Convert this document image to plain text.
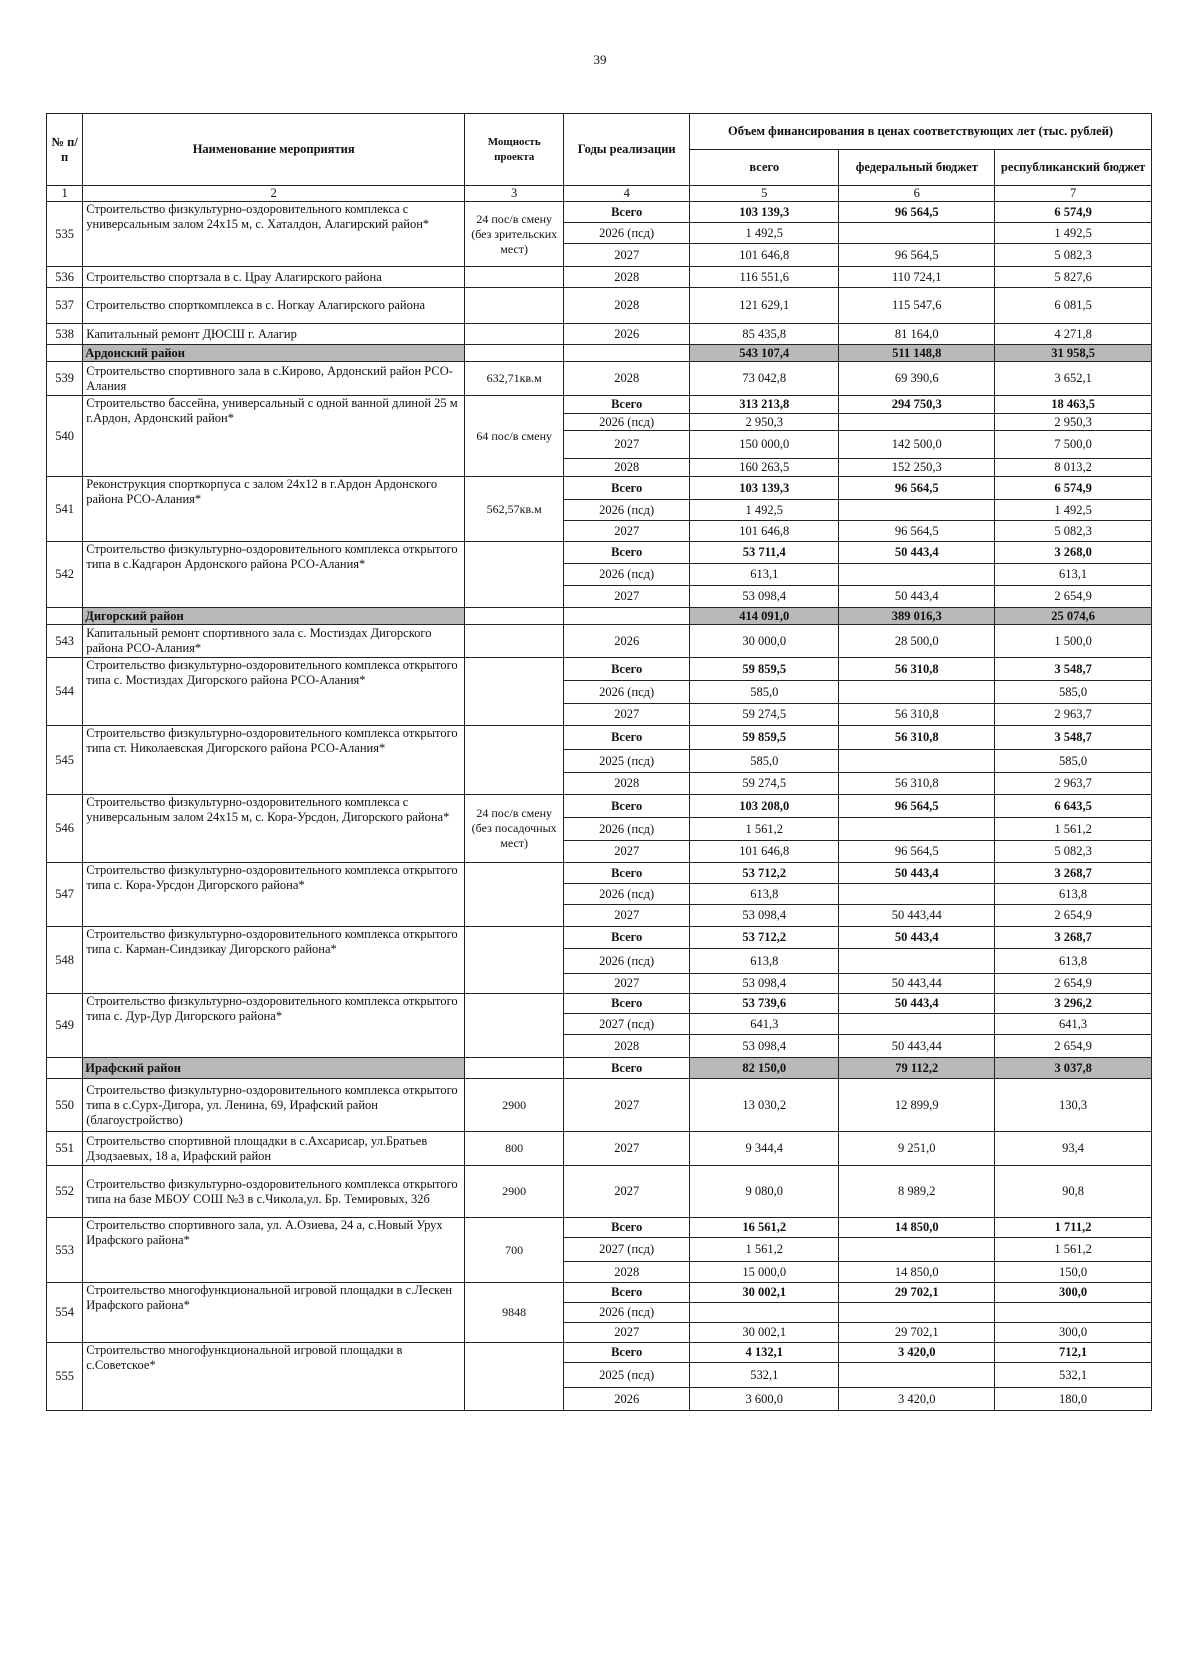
39
№ п/п	Наименование мероприятия	Мощность проекта	Годы реализации	Объем финансирования в ценах соответствующих лет (тыс. рублей)		
				всего	федеральный бюджет	республиканский бюджет
1	2	3	4	5	6	7
535	Строительство физкультурно-оздоровительного комплекса с универсальным залом 24х15 м, с. Хаталдон, Алагирский район*	24 пос/в смену (без зрительских мест)	Всего	103 139,3	96 564,5	6 574,9
			2026 (псд)	1 492,5		1 492,5
			2027	101 646,8	96 564,5	5 082,3
536	Строительство спортзала в с. Црау Алагирского района		2028	116 551,6	110 724,1	5 827,6
537	Строительство спорткомплекса в с. Ногкау Алагирского района		2028	121 629,1	115 547,6	6 081,5
538	Капитальный ремонт ДЮСШ г. Алагир		2026	85 435,8	81 164,0	4 271,8
	Ардонский район			543 107,4	511 148,8	31 958,5
539	Строительство спортивного зала в с.Кирово, Ардонский район РСО-Алания	632,71кв.м	2028	73 042,8	69 390,6	3 652,1
540	Строительство бассейна, универсальный с одной ванной длиной 25 м г.Ардон, Ардонский район*	64 пос/в смену	Всего	313 213,8	294 750,3	18 463,5
			2026 (псд)	2 950,3		2 950,3
			2027	150 000,0	142 500,0	7 500,0
			2028	160 263,5	152 250,3	8 013,2
541	Реконструкция спорткорпуса с залом 24х12 в г.Ардон Ардонского района РСО-Алания*	562,57кв.м	Всего	103 139,3	96 564,5	6 574,9
			2026 (псд)	1 492,5		1 492,5
			2027	101 646,8	96 564,5	5 082,3
542	Строительство физкультурно-оздоровительного комплекса открытого типа в с.Кадгарон Ардонского района РСО-Алания*		Всего	53 711,4	50 443,4	3 268,0
			2026 (псд)	613,1		613,1
			2027	53 098,4	50 443,4	2 654,9
	Дигорский район			414 091,0	389 016,3	25 074,6
543	Капитальный ремонт спортивного зала с. Мостиздах Дигорского района РСО-Алания*		2026	30 000,0	28 500,0	1 500,0
544	Строительство физкультурно-оздоровительного комплекса открытого типа с. Мостиздах Дигорского района РСО-Алания*		Всего	59 859,5	56 310,8	3 548,7
			2026 (псд)	585,0		585,0
			2027	59 274,5	56 310,8	2 963,7
545	Строительство физкультурно-оздоровительного комплекса открытого типа ст. Николаевская Дигорского района РСО-Алания*		Всего	59 859,5	56 310,8	3 548,7
			2025 (псд)	585,0		585,0
			2028	59 274,5	56 310,8	2 963,7
546	Строительство физкультурно-оздоровительного комплекса с универсальным залом 24х15 м, с. Кора-Урсдон, Дигорского района*	24 пос/в смену (без посадочных мест)	Всего	103 208,0	96 564,5	6 643,5
			2026 (псд)	1 561,2		1 561,2
			2027	101 646,8	96 564,5	5 082,3
547	Строительство физкультурно-оздоровительного комплекса открытого типа с. Кора-Урсдон Дигорского района*		Всего	53 712,2	50 443,4	3 268,7
			2026 (псд)	613,8		613,8
			2027	53 098,4	50 443,44	2 654,9
548	Строительство физкультурно-оздоровительного комплекса открытого типа с. Карман-Синдзикау Дигорского района*		Всего	53 712,2	50 443,4	3 268,7
			2026 (псд)	613,8		613,8
			2027	53 098,4	50 443,44	2 654,9
549	Строительство физкультурно-оздоровительного комплекса открытого типа с. Дур-Дур Дигорского района*		Всего	53 739,6	50 443,4	3 296,2
			2027 (псд)	641,3		641,3
			2028	53 098,4	50 443,44	2 654,9
	Ирафский район		Всего	82 150,0	79 112,2	3 037,8
550	Строительство физкультурно-оздоровительного комплекса открытого типа в с.Сурх-Дигора, ул. Ленина, 69, Ирафский район (благоустройство)	2900	2027	13 030,2	12 899,9	130,3
551	Строительство спортивной площадки в с.Ахсарисар, ул.Братьев Дзодзаевых, 18 а, Ирафский район	800	2027	9 344,4	9 251,0	93,4
552	Строительство физкультурно-оздоровительного комплекса открытого типа на базе МБОУ СОШ №3 в с.Чикола,ул. Бр. Темировых, 32б	2900	2027	9 080,0	8 989,2	90,8
553	Строительство спортивного зала, ул. А.Озиева, 24 а, с.Новый Урух Ирафского района*	700	Всего	16 561,2	14 850,0	1 711,2
			2027 (псд)	1 561,2		1 561,2
			2028	15 000,0	14 850,0	150,0
554	Строительство многофункциональной игровой площадки в с.Лескен Ирафского района*	9848	Всего	30 002,1	29 702,1	300,0
			2026 (псд)			
			2027	30 002,1	29 702,1	300,0
555	Строительство многофункциональной игровой площадки в с.Советское*		Всего	4 132,1	3 420,0	712,1
			2025 (псд)	532,1		532,1
			2026	3 600,0	3 420,0	180,0
